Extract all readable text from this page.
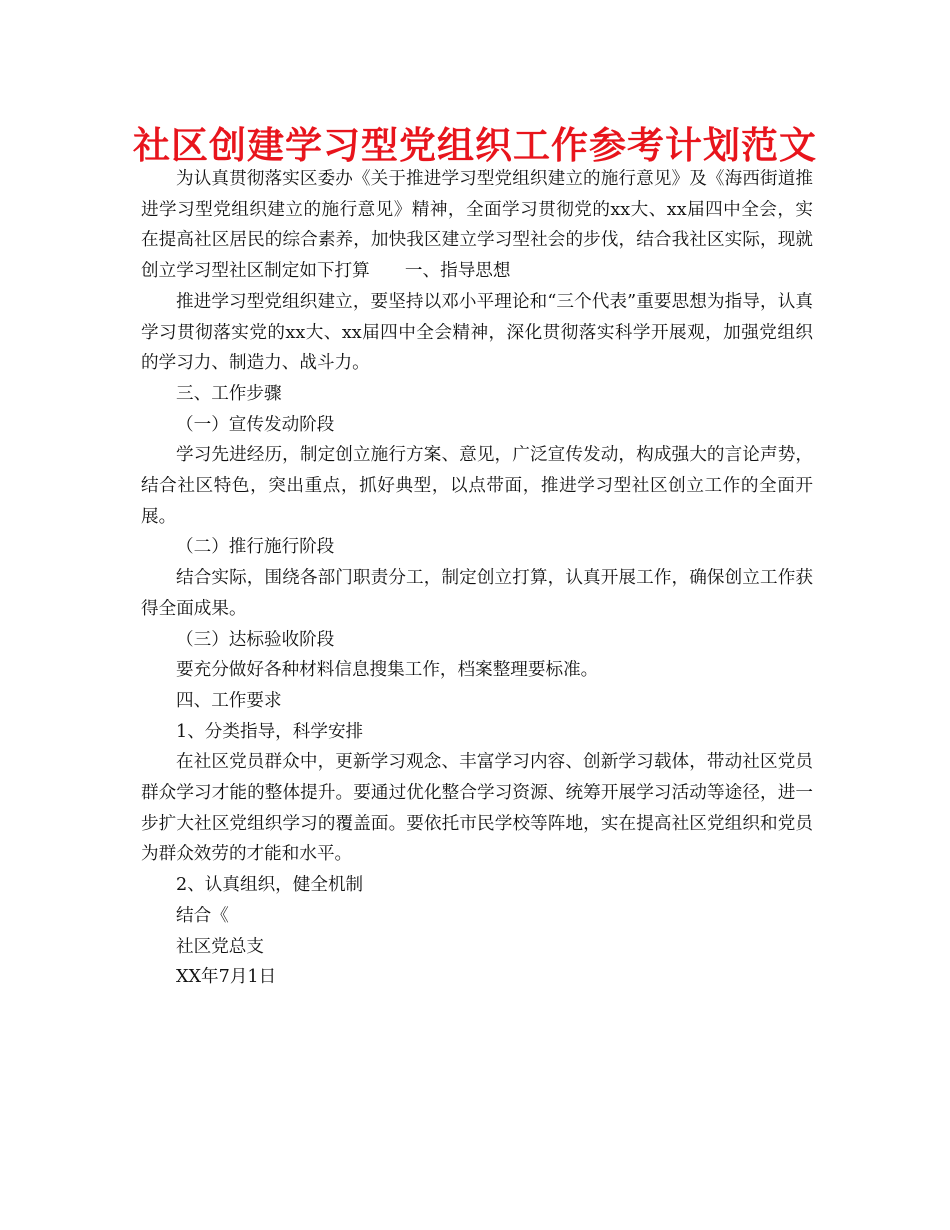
社区创建学习型党组织工作参考计划范文

为认真贯彻落实区委办《关于推进学习型党组织建立的施行意见》及《海西街道推进学习型党组织建立的施行意见》精神，全面学习贯彻党的xx大、xx届四中全会，实在提高社区居民的综合素养，加快我区建立学习型社会的步伐，结合我社区实际，现就创立学习型社区制定如下打算　　一、指导思想

推进学习型党组织建立，要坚持以邓小平理论和“三个代表”重要思想为指导，认真学习贯彻落实党的xx大、xx届四中全会精神，深化贯彻落实科学开展观，加强党组织的学习力、制造力、战斗力。

三、工作步骤

（一）宣传发动阶段

学习先进经历，制定创立施行方案、意见，广泛宣传发动，构成强大的言论声势，结合社区特色，突出重点，抓好典型，以点带面，推进学习型社区创立工作的全面开展。

（二）推行施行阶段

结合实际，围绕各部门职责分工，制定创立打算，认真开展工作，确保创立工作获得全面成果。

（三）达标验收阶段

要充分做好各种材料信息搜集工作，档案整理要标准。

四、工作要求

1、分类指导，科学安排

在社区党员群众中，更新学习观念、丰富学习内容、创新学习载体，带动社区党员群众学习才能的整体提升。要通过优化整合学习资源、统筹开展学习活动等途径，进一步扩大社区党组织学习的覆盖面。要依托市民学校等阵地，实在提高社区党组织和党员为群众效劳的才能和水平。

2、认真组织，健全机制

结合《

社区党总支

XX年7月1日
